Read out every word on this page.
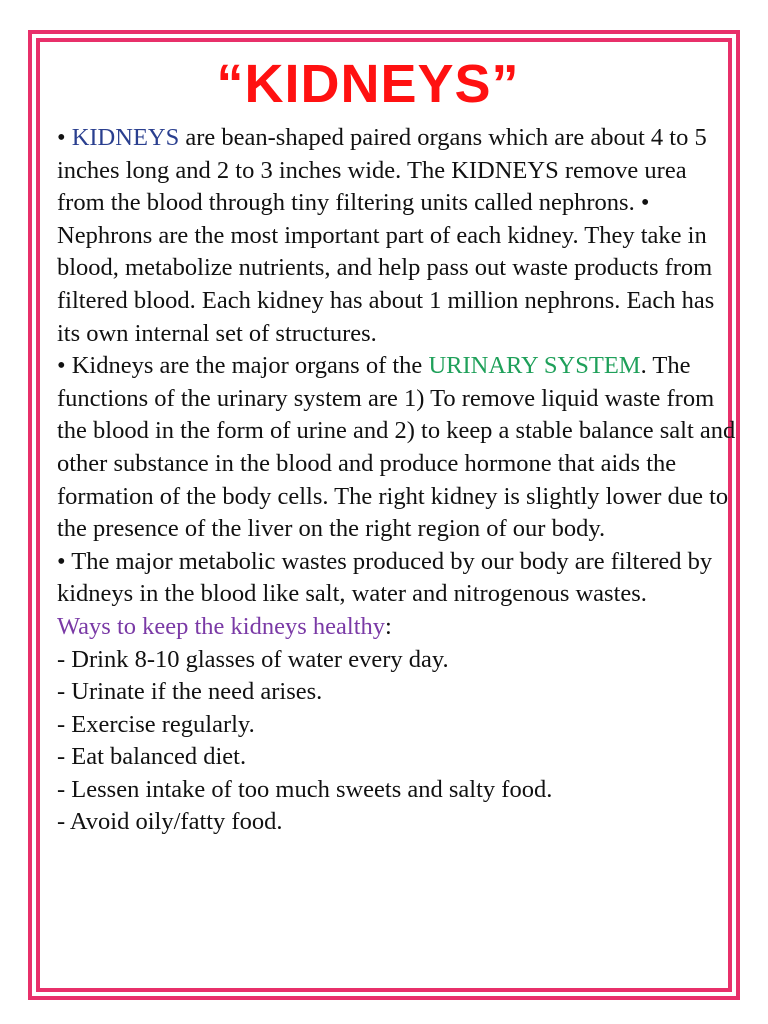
“KIDNEYS”

• KIDNEYS are bean-shaped paired organs which are about 4 to 5 inches long and 2 to 3 inches wide. The KIDNEYS remove urea from the blood through tiny filtering units called nephrons. • Nephrons are the most important part of each kidney. They take in blood, metabolize nutrients, and help pass out waste products from filtered blood. Each kidney has about 1 million nephrons. Each has its own internal set of structures.

• Kidneys are the major organs of the URINARY SYSTEM. The functions of the urinary system are 1) To remove liquid waste from the blood in the form of urine and 2) to keep a stable balance salt and other substance in the blood and produce hormone that aids the formation of the body cells. The right kidney is slightly lower due to the presence of the liver on the right region of our body.

• The major metabolic wastes produced by our body are filtered by kidneys in the blood like salt, water and nitrogenous wastes.

Ways to keep the kidneys healthy:

- Drink 8-10 glasses of water every day.
- Urinate if the need arises.
- Exercise regularly.
- Eat balanced diet.
- Lessen intake of too much sweets and salty food.
- Avoid oily/fatty food.
